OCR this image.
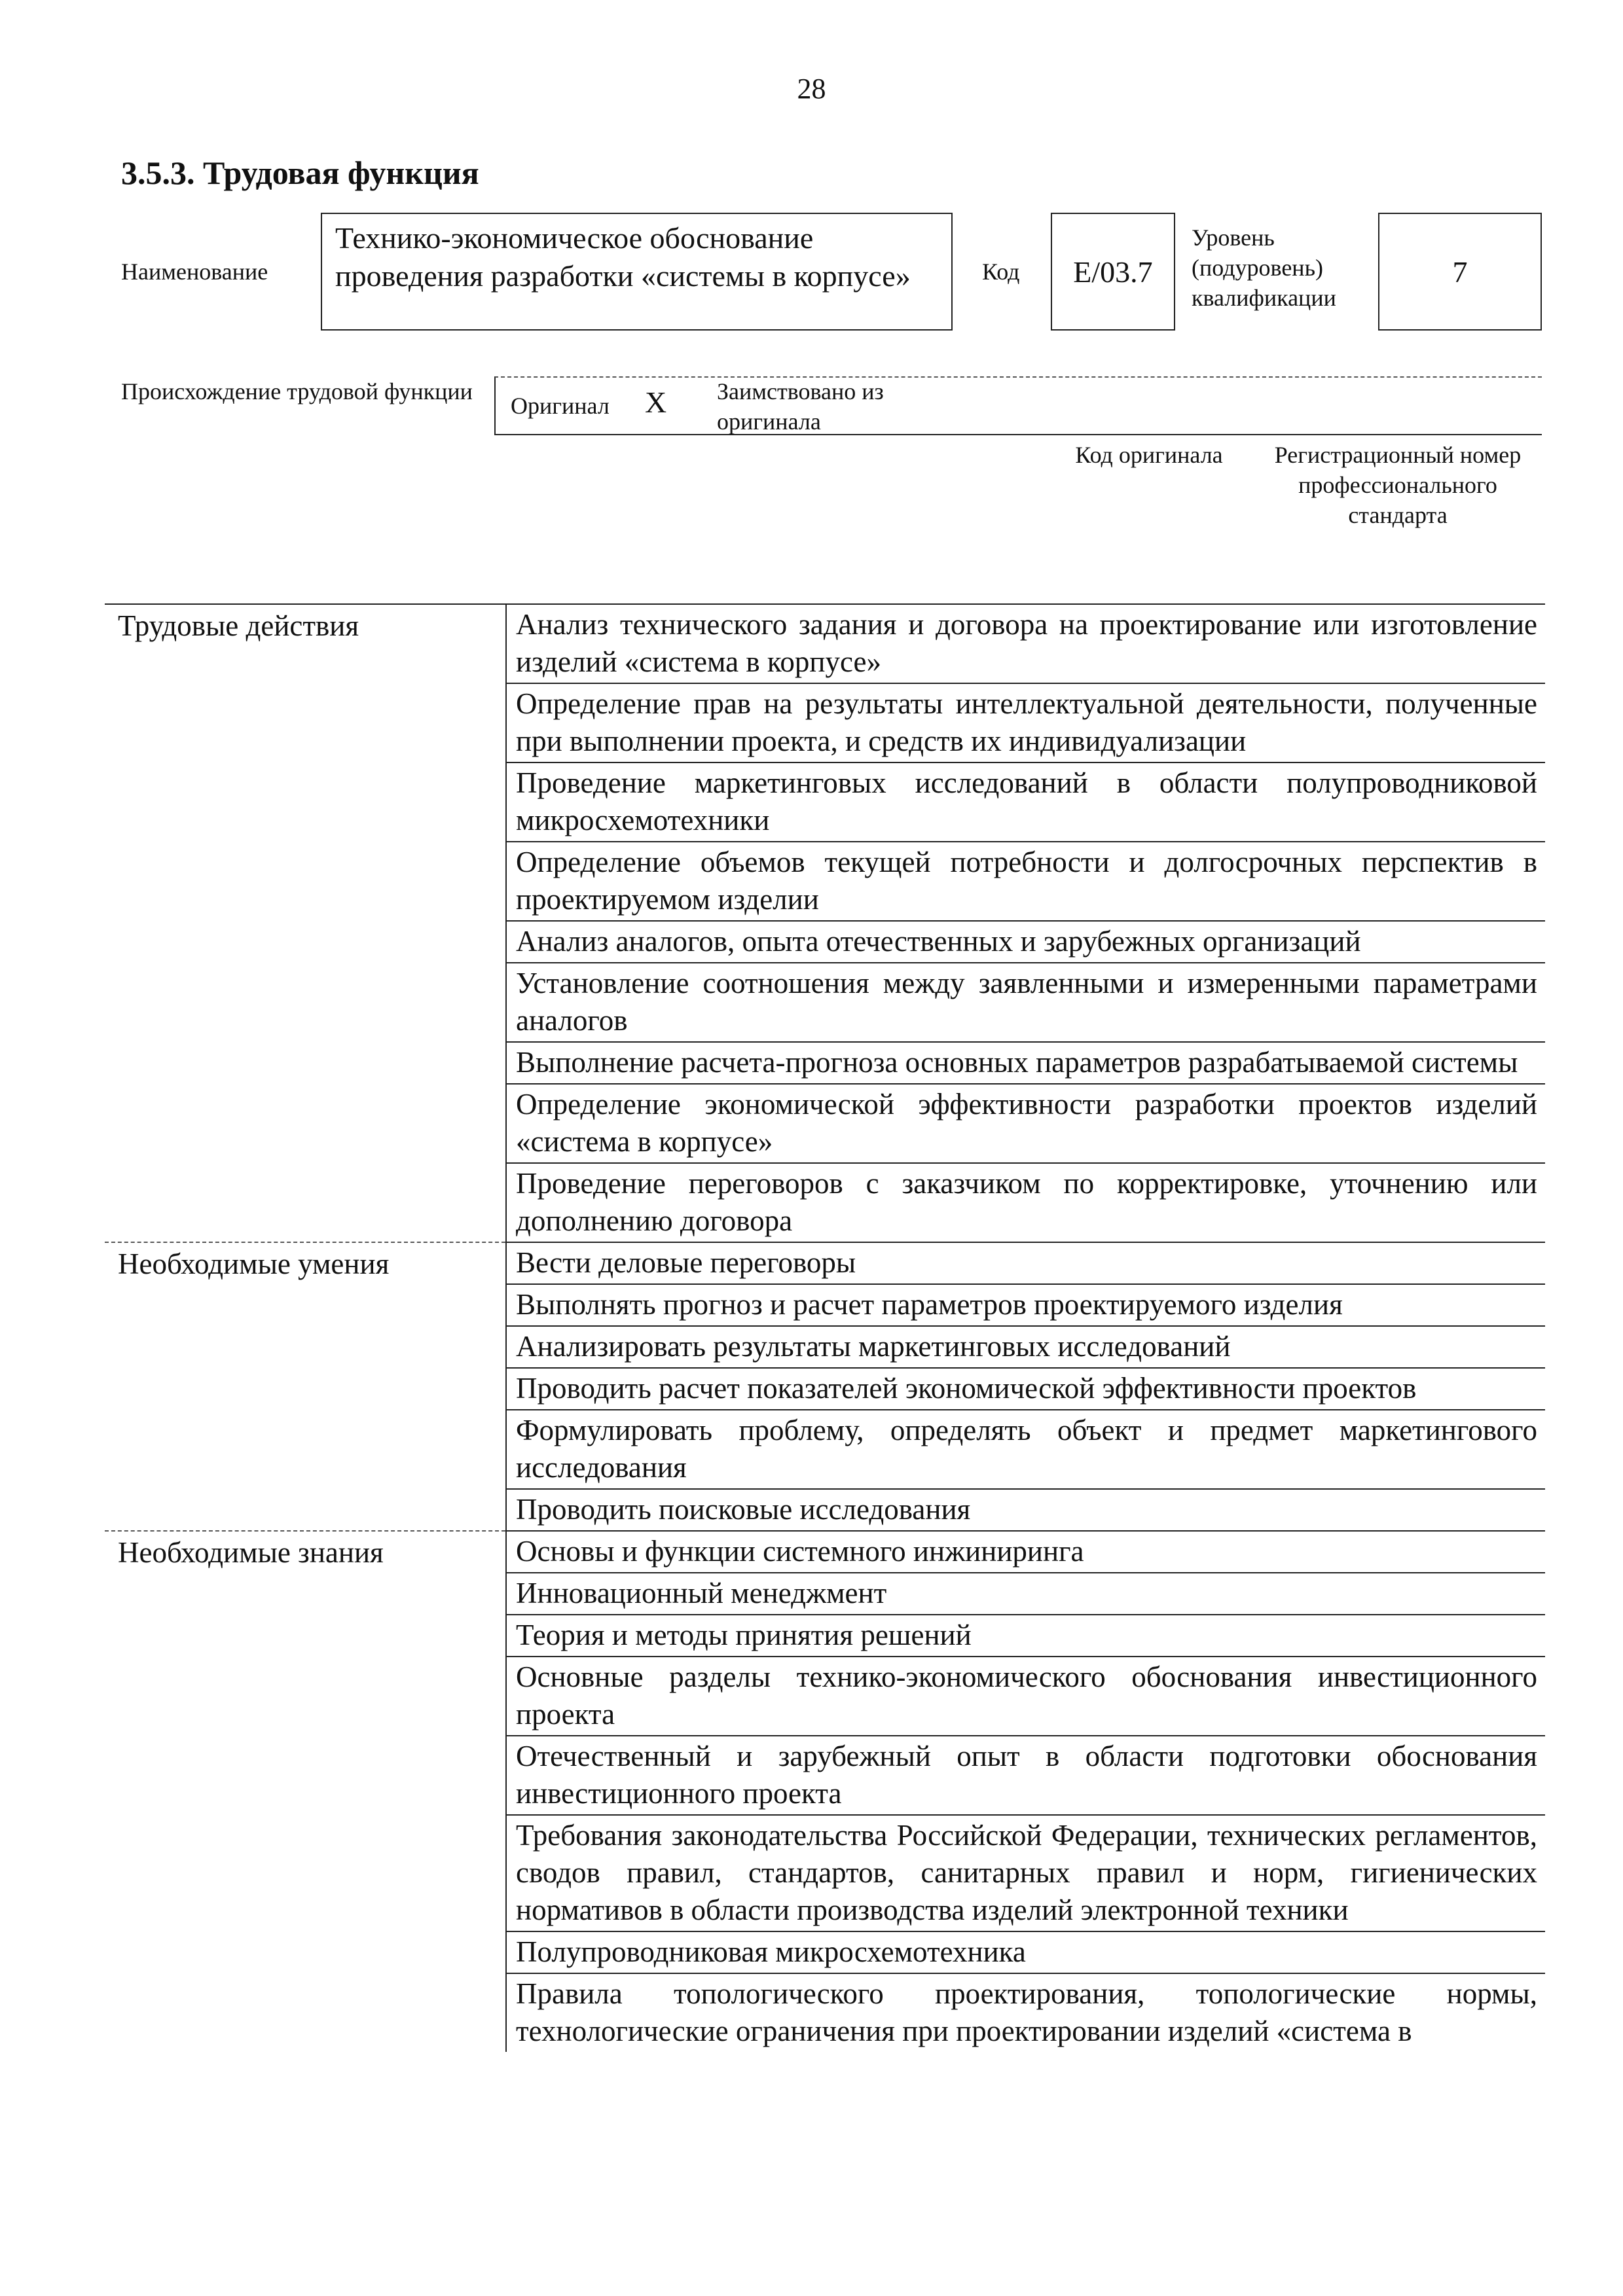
28
3.5.3. Трудовая функция
Наименование
Технико-экономическое обоснование проведения разработки «системы в корпусе»	Код E/03.7
Уровень (подуровень) квалификации
7
Происхождение трудовой функции
Оригинал X Заимствовано из оригинала
Код оригинала	Регистрационный номер профессионального стандарта
Трудовые действия	Анализ технического задания и договора на проектирование или изготовление изделий «система в корпусе»
	Определение прав на результаты интеллектуальной деятельности, полученные при выполнении проекта, и средств их индивидуализации
	Проведение маркетинговых исследований в области полупроводниковой микросхемотехники
	Определение объемов текущей потребности и долгосрочных перспектив в проектируемом изделии
	Анализ аналогов, опыта отечественных и зарубежных организаций
	Установление соотношения между заявленными и измеренными параметрами аналогов
	Выполнение расчета-прогноза основных параметров разрабатываемой системы
	Определение экономической эффективности разработки проектов изделий «система в корпусе»
	Проведение переговоров с заказчиком по корректировке, уточнению или дополнению договора
Необходимые умения	Вести деловые переговоры
	Выполнять прогноз и расчет параметров проектируемого изделия
	Анализировать результаты маркетинговых исследований
	Проводить расчет показателей экономической эффективности проектов
	Формулировать проблему, определять объект и предмет маркетингового исследования
	Проводить поисковые исследования
Необходимые знания	Основы и функции системного инжиниринга
	Инновационный менеджмент
	Теория и методы принятия решений
	Основные разделы технико-экономического обоснования инвестиционного проекта
	Отечественный и зарубежный опыт в области подготовки обоснования инвестиционного проекта
	Требования законодательства Российской Федерации, технических регламентов, сводов правил, стандартов, санитарных правил и норм, гигиенических нормативов в области производства изделий электронной техники
	Полупроводниковая микросхемотехника
	Правила топологического проектирования, топологические нормы, технологические ограничения при проектировании изделий «система в
